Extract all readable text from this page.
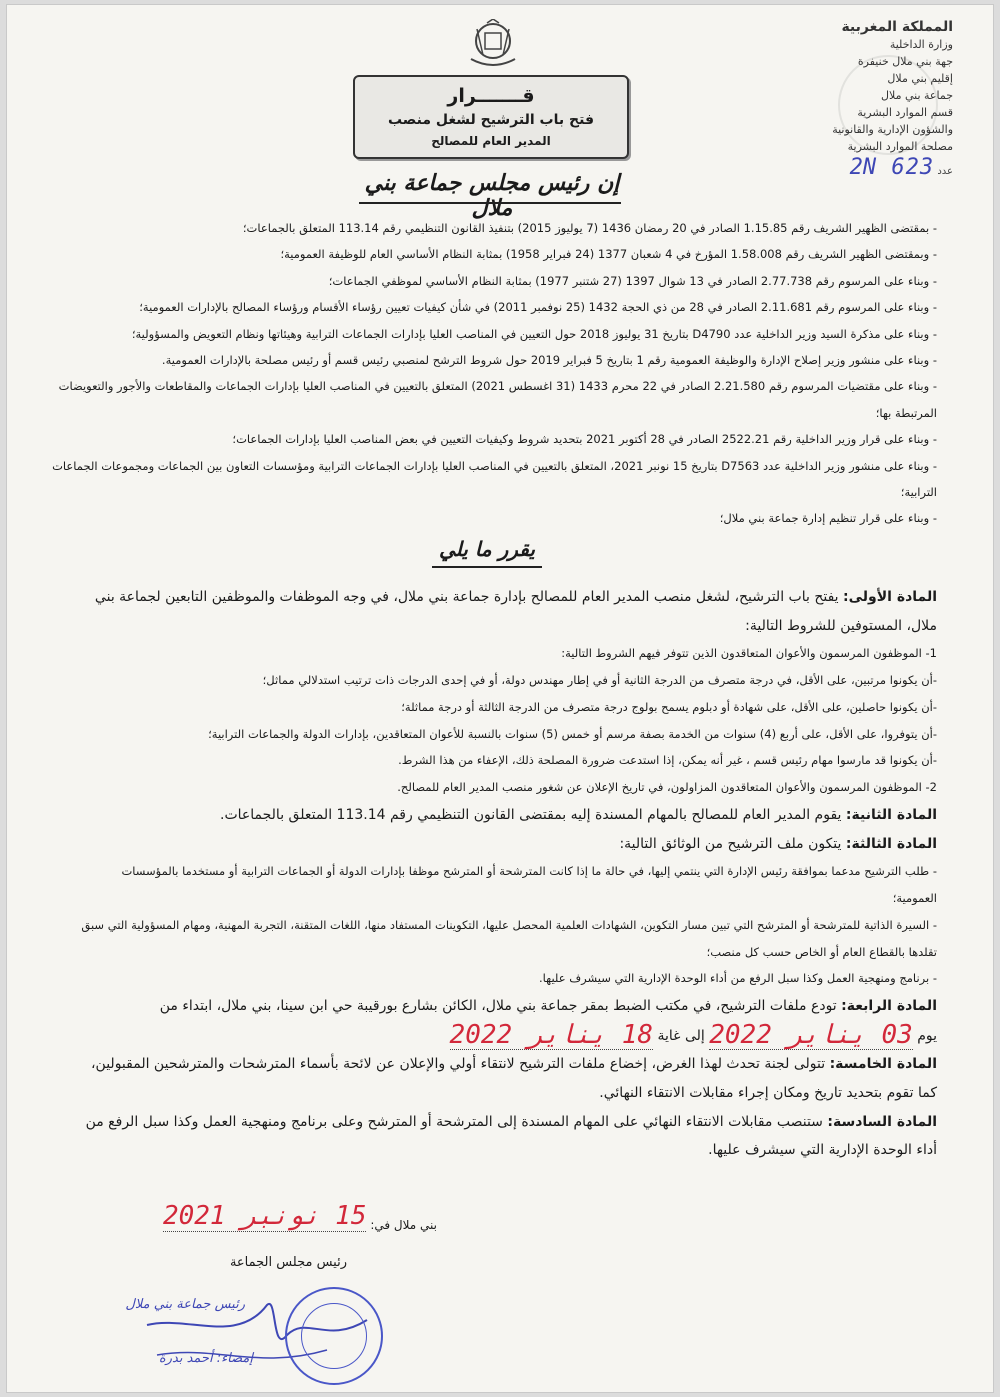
المملكة المغربية
وزارة الداخلية
جهة بني ملال خنيفرة
إقليم بني ملال
جماعة بني ملال
قسم الموارد البشرية
والشؤون الإدارية والقانونية
مصلحة الموارد البشرية
عدد 2N 623
قـــــــرار
فتح باب الترشيح لشغل منصب
المدير العام للمصالح
إن رئيس مجلس جماعة بني ملال

- بمقتضى الظهير الشريف رقم 1.15.85 الصادر في 20 رمضان 1436 (7 يوليوز 2015) بتنفيذ القانون التنظيمي رقم 113.14 المتعلق بالجماعات؛

- وبمقتضى الظهير الشريف رقم 1.58.008 المؤرخ في 4 شعبان 1377 (24 فبراير 1958) بمثابة النظام الأساسي العام للوظيفة العمومية؛

- وبناء على المرسوم رقم 2.77.738 الصادر في 13 شوال 1397 (27 شتنبر 1977) بمثابة النظام الأساسي لموظفي الجماعات؛

- وبناء على المرسوم رقم 2.11.681 الصادر في 28 من ذي الحجة 1432 (25 نوفمبر 2011) في شأن كيفيات تعيين رؤساء الأقسام ورؤساء المصالح بالإدارات العمومية؛

- وبناء على مذكرة السيد وزير الداخلية عدد D4790 بتاريخ 31 يوليوز 2018 حول التعيين في المناصب العليا بإدارات الجماعات الترابية وهيئاتها ونظام التعويض والمسؤولية؛

- وبناء على منشور وزير إصلاح الإدارة والوظيفة العمومية رقم 1 بتاريخ 5 فبراير 2019 حول شروط الترشح لمنصبي رئيس قسم أو رئيس مصلحة بالإدارات العمومية.

- وبناء على مقتضيات المرسوم رقم 2.21.580 الصادر في 22 محرم 1433 (31 اغسطس 2021) المتعلق بالتعيين في المناصب العليا بإدارات الجماعات والمقاطعات والأجور والتعويضات المرتبطة بها؛

- وبناء على قرار وزير الداخلية رقم 2522.21 الصادر في 28 أكتوبر 2021 بتحديد شروط وكيفيات التعيين في بعض المناصب العليا بإدارات الجماعات؛

- وبناء على منشور وزير الداخلية عدد D7563 بتاريخ 15 نونبر 2021، المتعلق بالتعيين في المناصب العليا بإدارات الجماعات الترابية ومؤسسات التعاون بين الجماعات ومجموعات الجماعات الترابية؛

- وبناء على قرار تنظيم إدارة جماعة بني ملال؛

يقرر ما يلي

المادة الأولى: يفتح باب الترشيح، لشغل منصب المدير العام للمصالح بإدارة جماعة بني ملال، في وجه الموظفات والموظفين التابعين لجماعة بني ملال، المستوفين للشروط التالية:

1- الموظفون المرسمون والأعوان المتعاقدون الذين تتوفر فيهم الشروط التالية:

-أن يكونوا مرتبين، على الأقل، في درجة متصرف من الدرجة الثانية أو في إطار مهندس دولة، أو في إحدى الدرجات ذات ترتيب استدلالي مماثل؛

-أن يكونوا حاصلين، على الأقل، على شهادة أو دبلوم يسمح بولوج درجة متصرف من الدرجة الثالثة أو درجة مماثلة؛

-أن يتوفروا، على الأقل، على أربع (4) سنوات من الخدمة بصفة مرسم أو خمس (5) سنوات بالنسبة للأعوان المتعاقدين، بإدارات الدولة والجماعات الترابية؛

-أن يكونوا قد مارسوا مهام رئيس قسم ، غير أنه يمكن، إذا استدعت ضرورة المصلحة ذلك، الإعفاء من هذا الشرط.

2- الموظفون المرسمون والأعوان المتعاقدون المزاولون، في تاريخ الإعلان عن شغور منصب المدير العام للمصالح.

المادة الثانية: يقوم المدير العام للمصالح بالمهام المسندة إليه بمقتضى القانون التنظيمي رقم 113.14 المتعلق بالجماعات.

المادة الثالثة: يتكون ملف الترشيح من الوثائق التالية:

- طلب الترشيح مدعما بموافقة رئيس الإدارة التي ينتمي إليها، في حالة ما إذا كانت المترشحة أو المترشح موظفا بإدارات الدولة أو الجماعات الترابية أو مستخدما بالمؤسسات العمومية؛

- السيرة الذاتية للمترشحة أو المترشح التي تبين مسار التكوين، الشهادات العلمية المحصل عليها، التكوينات المستفاد منها، اللغات المتقنة، التجربة المهنية، ومهام المسؤولية التي سبق تقلدها بالقطاع العام أو الخاص حسب كل منصب؛

- برنامج ومنهجية العمل وكذا سبل الرفع من أداء الوحدة الإدارية التي سيشرف عليها.

المادة الرابعة: تودع ملفات الترشيح، في مكتب الضبط بمقر جماعة بني ملال، الكائن بشارع بورقيبة حي ابن سينا، بني ملال، ابتداء من

يوم 03 يناير 2022 إلى غاية 18 يناير 2022

المادة الخامسة: تتولى لجنة تحدث لهذا الغرض، إخضاع ملفات الترشيح لانتقاء أولي والإعلان عن لائحة بأسماء المترشحات والمترشحين المقبولين، كما تقوم بتحديد تاريخ ومكان إجراء مقابلات الانتقاء النهائي.

المادة السادسة: ستنصب مقابلات الانتقاء النهائي على المهام المسندة إلى المترشحة أو المترشح وعلى برنامج ومنهجية العمل وكذا سبل الرفع من أداء الوحدة الإدارية التي سيشرف عليها.

بني ملال في: 15 نونبر 2021
رئيس مجلس الجماعة
رئيس جماعة بني ملال
إمضاء: أحمد بدرة
